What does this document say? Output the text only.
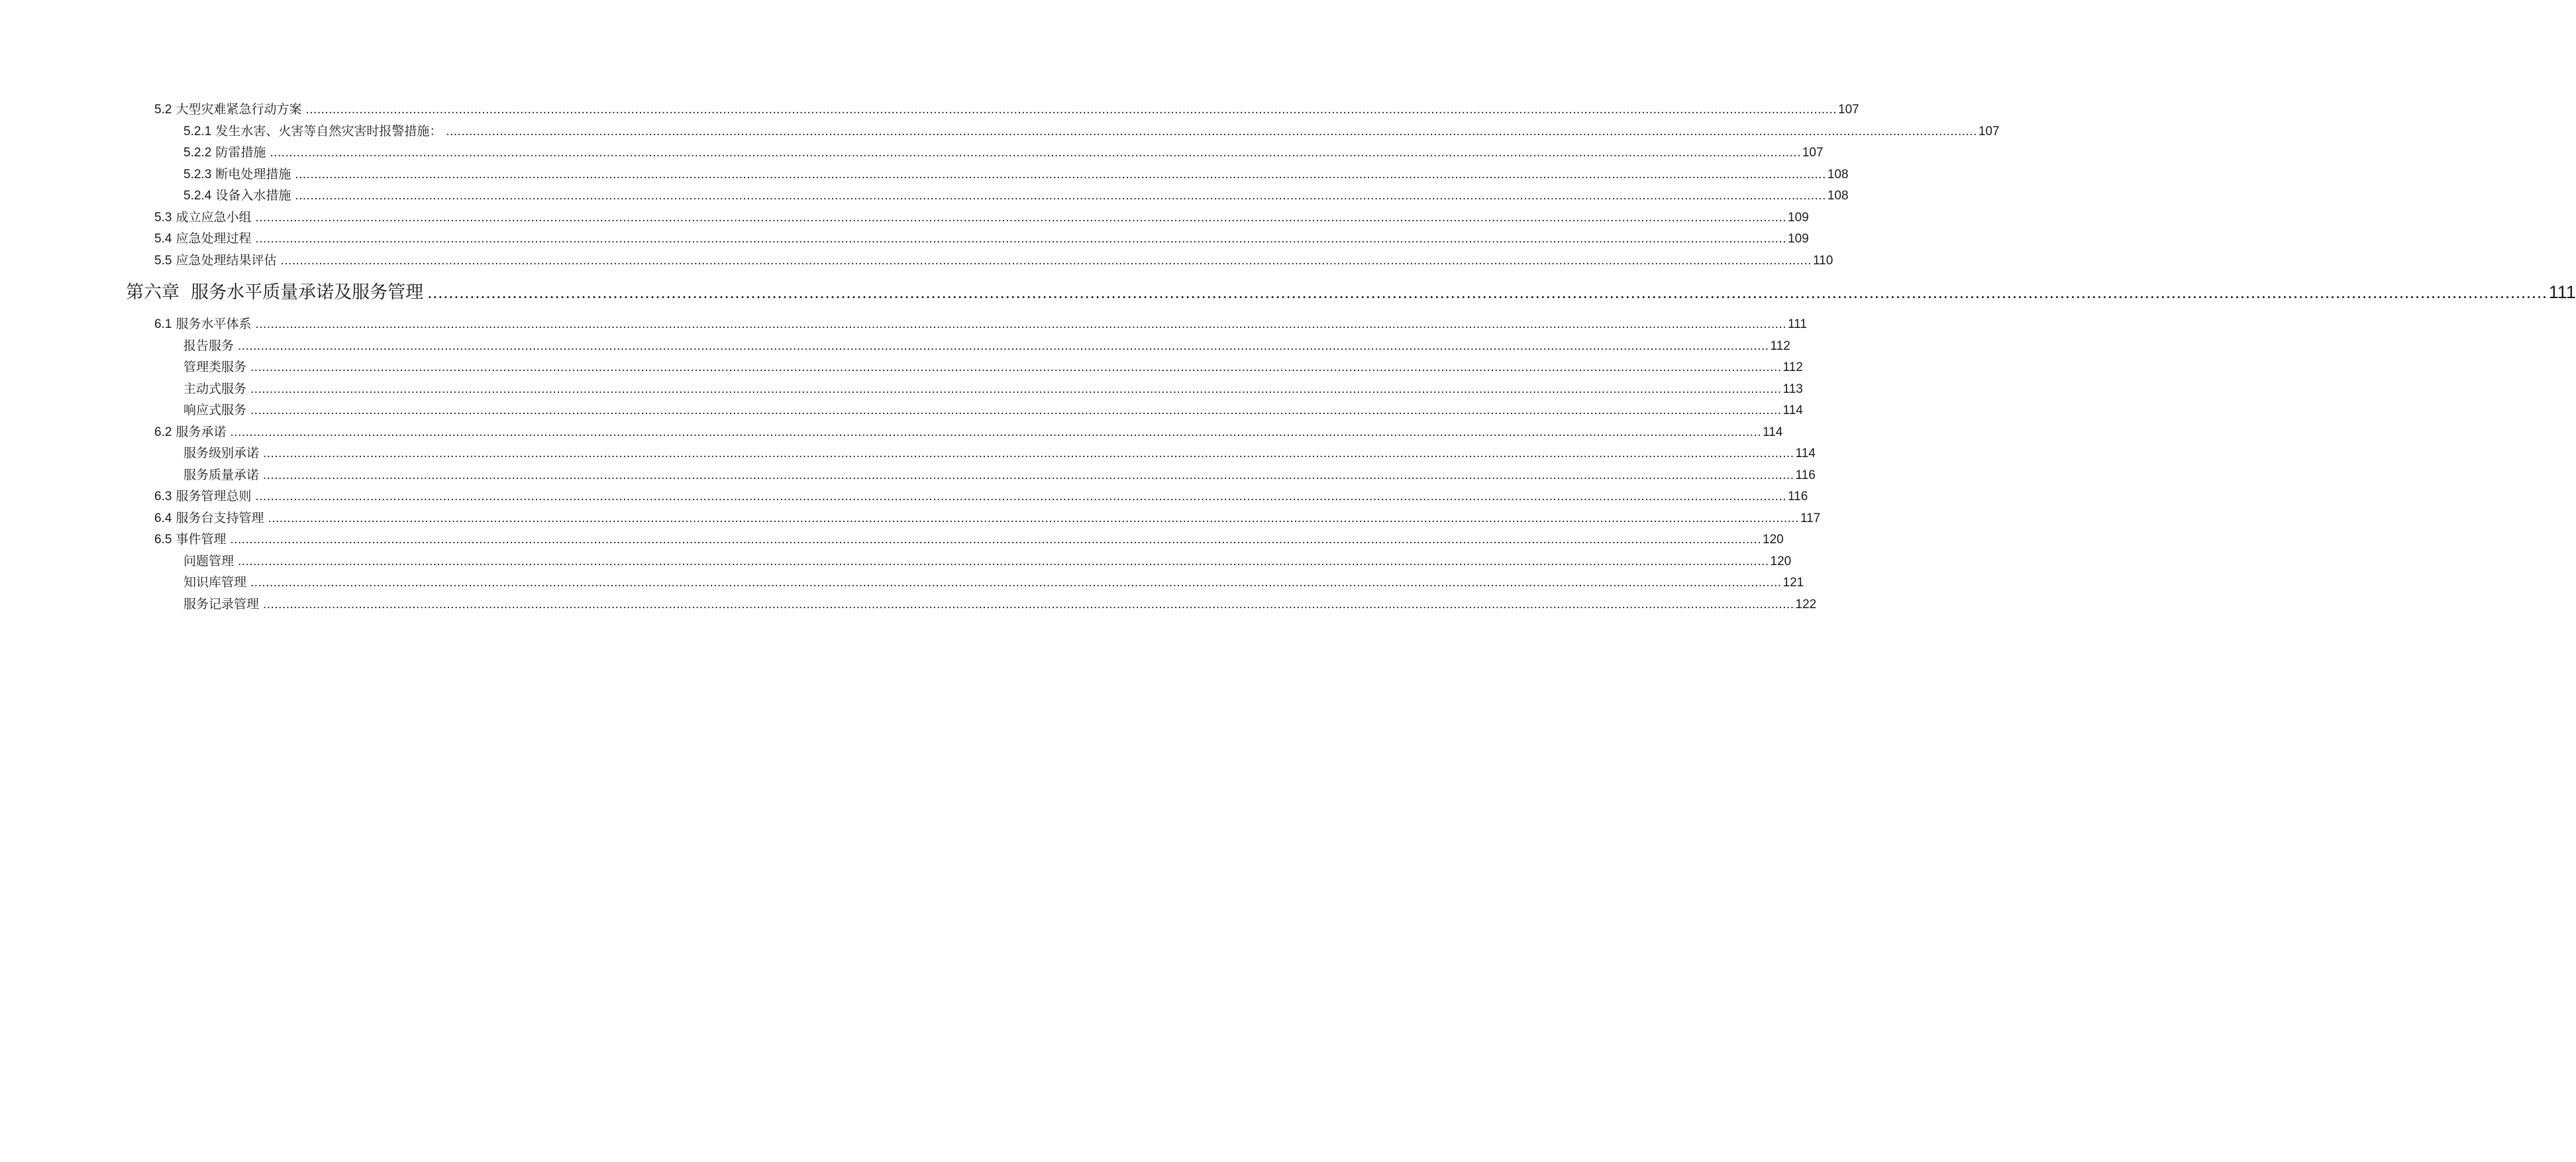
5.2 大型灾难紧急行动方案 ................................................................................................................................................................................................................................................................................................................................................................................................................ 107
5.2.1 发生水害、火害等自然灾害时报警措施： ................................................................................................................................................................................................................................................................................................................................................................................................................ 107
5.2.2 防雷措施 ................................................................................................................................................................................................................................................................................................................................................................................................................ 107
5.2.3 断电处理措施 ................................................................................................................................................................................................................................................................................................................................................................................................................ 108
5.2.4 设备入水措施 ................................................................................................................................................................................................................................................................................................................................................................................................................ 108
5.3 成立应急小组 ................................................................................................................................................................................................................................................................................................................................................................................................................ 109
5.4 应急处理过程 ................................................................................................................................................................................................................................................................................................................................................................................................................ 109
5.5 应急处理结果评估 ................................................................................................................................................................................................................................................................................................................................................................................................................ 110
第六章 服务水平质量承诺及服务管理 ................................................................................................................................................................................................................................................................................................................................................................................................................ 111
6.1 服务水平体系 ................................................................................................................................................................................................................................................................................................................................................................................................................ 111
报告服务 ................................................................................................................................................................................................................................................................................................................................................................................................................ 112
管理类服务 ................................................................................................................................................................................................................................................................................................................................................................................................................ 112
主动式服务 ................................................................................................................................................................................................................................................................................................................................................................................................................ 113
响应式服务 ................................................................................................................................................................................................................................................................................................................................................................................................................ 114
6.2 服务承诺 ................................................................................................................................................................................................................................................................................................................................................................................................................ 114
服务级别承诺 ................................................................................................................................................................................................................................................................................................................................................................................................................ 114
服务质量承诺 ................................................................................................................................................................................................................................................................................................................................................................................................................ 116
6.3 服务管理总则 ................................................................................................................................................................................................................................................................................................................................................................................................................ 116
6.4 服务台支持管理 ................................................................................................................................................................................................................................................................................................................................................................................................................ 117
6.5 事件管理 ................................................................................................................................................................................................................................................................................................................................................................................................................ 120
问题管理 ................................................................................................................................................................................................................................................................................................................................................................................................................ 120
知识库管理 ................................................................................................................................................................................................................................................................................................................................................................................................................ 121
服务记录管理 ................................................................................................................................................................................................................................................................................................................................................................................................................ 122
